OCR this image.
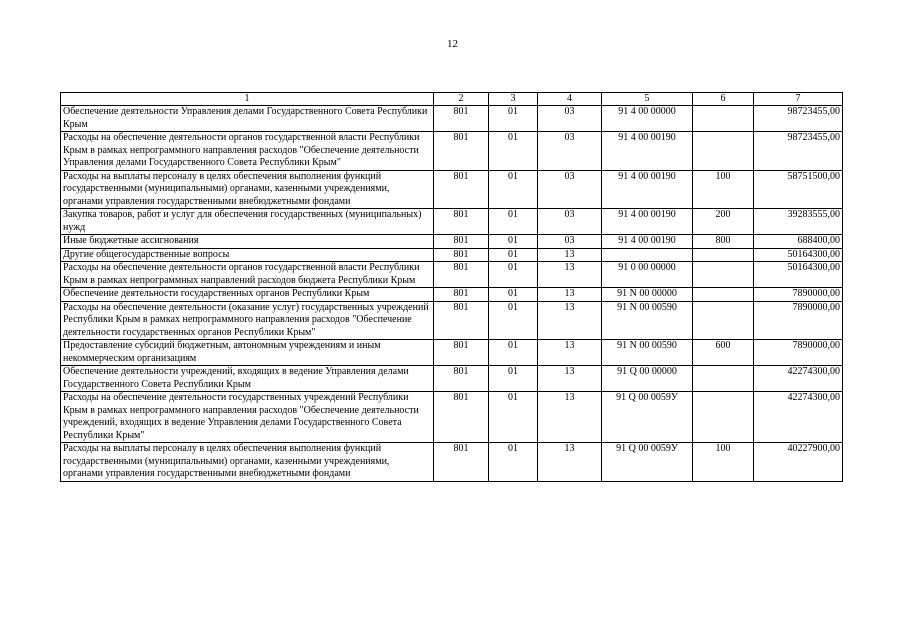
12
1	2	3	4	5	6	7
Обеспечение деятельности Управления делами Государственного Совета Республики Крым	801	01	03	91 4 00 00000		98723455,00
Расходы на обеспечение деятельности органов государственной власти Республики Крым в рамках непрограммного направления расходов "Обеспечение деятельности Управления делами Государственного Совета Республики Крым"	801	01	03	91 4 00 00190		98723455,00
Расходы на выплаты персоналу в целях обеспечения выполнения функций государственными (муниципальными) органами, казенными учреждениями, органами управления государственными внебюджетными фондами	801	01	03	91 4 00 00190	100	58751500,00
Закупка товаров, работ и услуг для обеспечения государственных (муниципальных) нужд	801	01	03	91 4 00 00190	200	39283555,00
Иные бюджетные ассигнования	801	01	03	91 4 00 00190	800	688400,00
Другие общегосударственные вопросы	801	01	13			50164300,00
Расходы на обеспечение деятельности органов государственной власти Республики Крым в рамках непрограммных направлений расходов бюджета Республики Крым	801	01	13	91 0 00 00000		50164300,00
Обеспечение деятельности государственных органов Республики Крым	801	01	13	91 N 00 00000		7890000,00
Расходы на обеспечение деятельности (оказание услуг) государственных учреждений Республики Крым в рамках непрограммного направления расходов "Обеспечение деятельности государственных органов Республики Крым"	801	01	13	91 N 00 00590		7890000,00
Предоставление субсидий бюджетным, автономным учреждениям и иным некоммерческим организациям	801	01	13	91 N 00 00590	600	7890000,00
Обеспечение деятельности учреждений, входящих в ведение Управления делами Государственного Совета Республики Крым	801	01	13	91 Q 00 00000		42274300,00
Расходы на обеспечение деятельности государственных учреждений Республики Крым в рамках непрограммного направления расходов "Обеспечение деятельности учреждений, входящих в ведение Управления делами Государственного Совета Республики Крым"	801	01	13	91 Q 00 0059У		42274300,00
Расходы на выплаты персоналу в целях обеспечения выполнения функций государственными (муниципальными) органами, казенными учреждениями, органами управления государственными внебюджетными фондами	801	01	13	91 Q 00 0059У	100	40227900,00
